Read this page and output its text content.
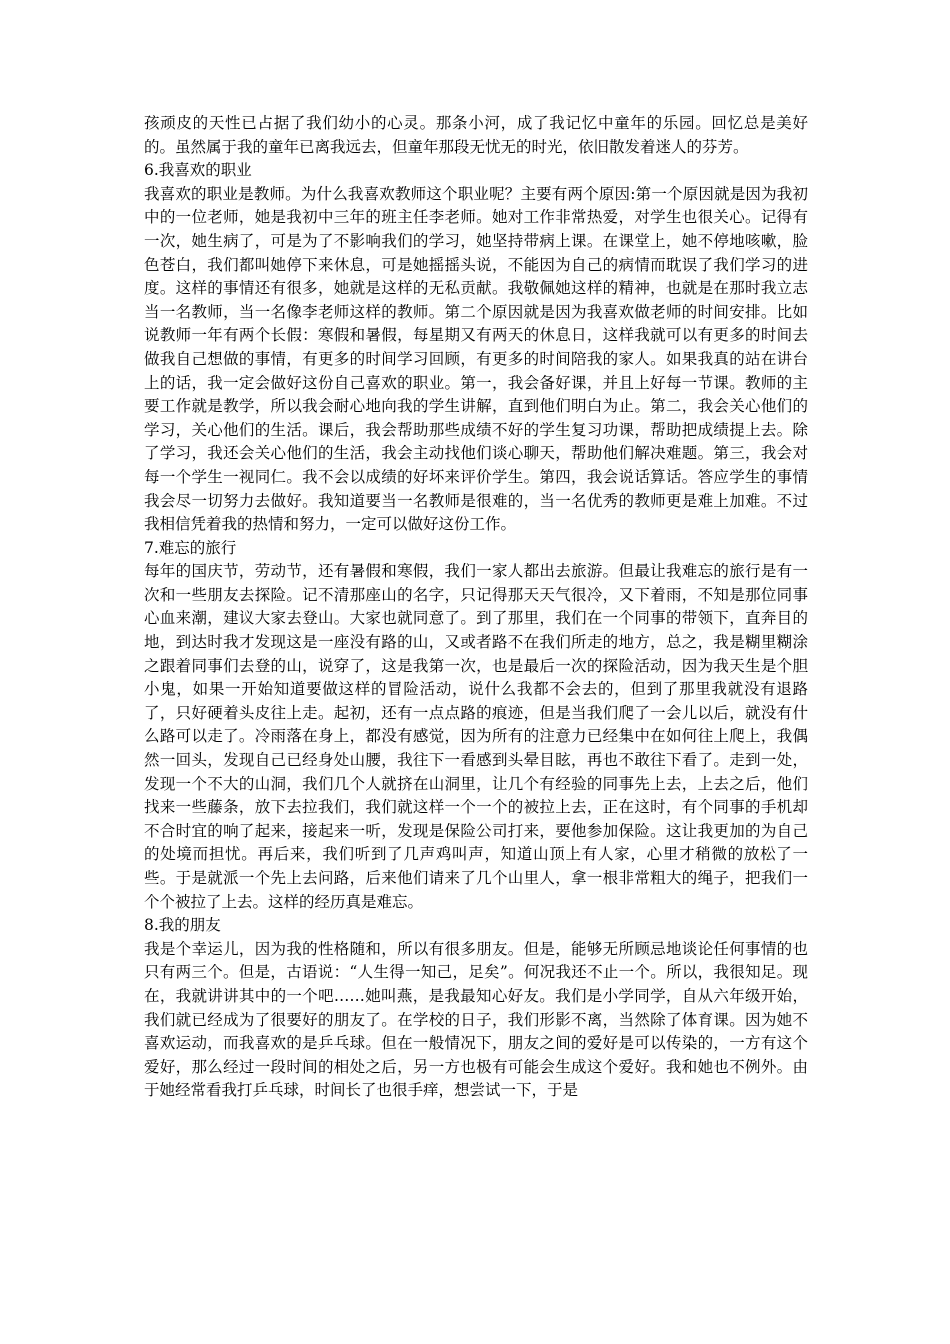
孩顽皮的天性已占据了我们幼小的心灵。那条小河，成了我记忆中童年的乐园。回忆总是美好的。虽然属于我的童年已离我远去，但童年那段无忧无的时光，依旧散发着迷人的芬芳。

6.我喜欢的职业

我喜欢的职业是教师。为什么我喜欢教师这个职业呢？主要有两个原因:第一个原因就是因为我初中的一位老师，她是我初中三年的班主任李老师。她对工作非常热爱，对学生也很关心。记得有一次，她生病了，可是为了不影响我们的学习，她坚持带病上课。在课堂上，她不停地咳嗽，脸色苍白，我们都叫她停下来休息，可是她摇摇头说，不能因为自己的病情而耽误了我们学习的进度。这样的事情还有很多，她就是这样的无私贡献。我敬佩她这样的精神，也就是在那时我立志当一名教师，当一名像李老师这样的教师。第二个原因就是因为我喜欢做老师的时间安排。比如说教师一年有两个长假：寒假和暑假，每星期又有两天的休息日，这样我就可以有更多的时间去做我自己想做的事情，有更多的时间学习回顾，有更多的时间陪我的家人。如果我真的站在讲台上的话，我一定会做好这份自己喜欢的职业。第一，我会备好课，并且上好每一节课。教师的主要工作就是教学，所以我会耐心地向我的学生讲解，直到他们明白为止。第二，我会关心他们的学习，关心他们的生活。课后，我会帮助那些成绩不好的学生复习功课，帮助把成绩提上去。除了学习，我还会关心他们的生活，我会主动找他们谈心聊天，帮助他们解决难题。第三，我会对每一个学生一视同仁。我不会以成绩的好坏来评价学生。第四，我会说话算话。答应学生的事情我会尽一切努力去做好。我知道要当一名教师是很难的，当一名优秀的教师更是难上加难。不过我相信凭着我的热情和努力，一定可以做好这份工作。

7.难忘的旅行

每年的国庆节，劳动节，还有暑假和寒假，我们一家人都出去旅游。但最让我难忘的旅行是有一次和一些朋友去探险。记不清那座山的名字，只记得那天天气很冷，又下着雨，不知是那位同事心血来潮，建议大家去登山。大家也就同意了。到了那里，我们在一个同事的带领下，直奔目的地，到达时我才发现这是一座没有路的山，又或者路不在我们所走的地方，总之，我是糊里糊涂之跟着同事们去登的山，说穿了，这是我第一次，也是最后一次的探险活动，因为我天生是个胆小鬼，如果一开始知道要做这样的冒险活动，说什么我都不会去的，但到了那里我就没有退路了，只好硬着头皮往上走。起初，还有一点点路的痕迹，但是当我们爬了一会儿以后，就没有什么路可以走了。冷雨落在身上，都没有感觉，因为所有的注意力已经集中在如何往上爬上，我偶然一回头，发现自己已经身处山腰，我往下一看感到头晕目眩，再也不敢往下看了。走到一处，发现一个不大的山洞，我们几个人就挤在山洞里，让几个有经验的同事先上去，上去之后，他们找来一些藤条，放下去拉我们，我们就这样一个一个的被拉上去，正在这时，有个同事的手机却不合时宜的响了起来，接起来一听，发现是保险公司打来，要他参加保险。这让我更加的为自己的处境而担忧。再后来，我们听到了几声鸡叫声，知道山顶上有人家，心里才稍微的放松了一些。于是就派一个先上去问路，后来他们请来了几个山里人，拿一根非常粗大的绳子，把我们一个个被拉了上去。这样的经历真是难忘。

8.我的朋友

我是个幸运儿，因为我的性格随和，所以有很多朋友。但是，能够无所顾忌地谈论任何事情的也只有两三个。但是，古语说：“人生得一知己，足矣”。何况我还不止一个。所以，我很知足。现在，我就讲讲其中的一个吧……她叫燕，是我最知心好友。我们是小学同学，自从六年级开始，我们就已经成为了很要好的朋友了。在学校的日子，我们形影不离，当然除了体育课。因为她不喜欢运动，而我喜欢的是乒乓球。但在一般情况下，朋友之间的爱好是可以传染的，一方有这个爱好，那么经过一段时间的相处之后，另一方也极有可能会生成这个爱好。我和她也不例外。由于她经常看我打乒乓球，时间长了也很手痒，想尝试一下，于是
